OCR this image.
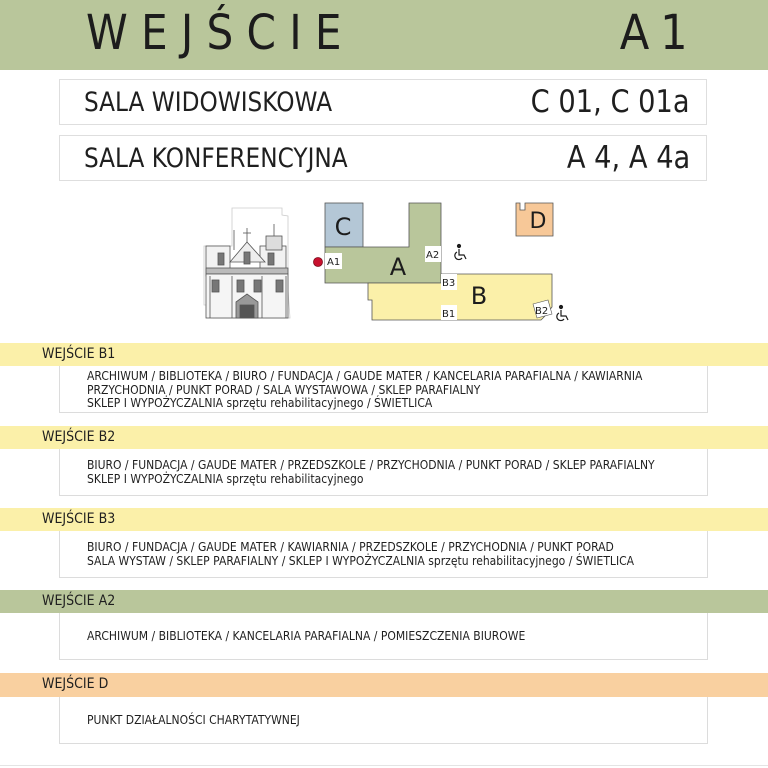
WEJŚCIE	A1
SALA WIDOWISKOWA	C 01, C 01a
SALA KONFERENCYJNA	A 4, A 4a
C
A
B
D
A1
A2
B3
B1	B2
WEJŚCIE B1
ARCHIWUM / BIBLIOTEKA / BIURO / FUNDACJA / GAUDE MATER / KANCELARIA PARAFIALNA / KAWIARNIA
PRZYCHODNIA / PUNKT PORAD / SALA WYSTAWOWA / SKLEP PARAFIALNY
SKLEP I WYPOŻYCZALNIA sprzętu rehabilitacyjnego / ŚWIETLICA
WEJŚCIE B2
BIURO / FUNDACJA / GAUDE MATER / PRZEDSZKOLE / PRZYCHODNIA / PUNKT PORAD / SKLEP PARAFIALNY
SKLEP I WYPOŻYCZALNIA sprzętu rehabilitacyjnego
WEJŚCIE B3
BIURO / FUNDACJA / GAUDE MATER / KAWIARNIA / PRZEDSZKOLE / PRZYCHODNIA / PUNKT PORAD
SALA WYSTAW / SKLEP PARAFIALNY / SKLEP I WYPOŻYCZALNIA sprzętu rehabilitacyjnego / ŚWIETLICA
WEJŚCIE A2
ARCHIWUM / BIBLIOTEKA / KANCELARIA PARAFIALNA / POMIESZCZENIA BIUROWE
WEJŚCIE D
PUNKT DZIAŁALNOŚCI CHARYTATYWNEJ
